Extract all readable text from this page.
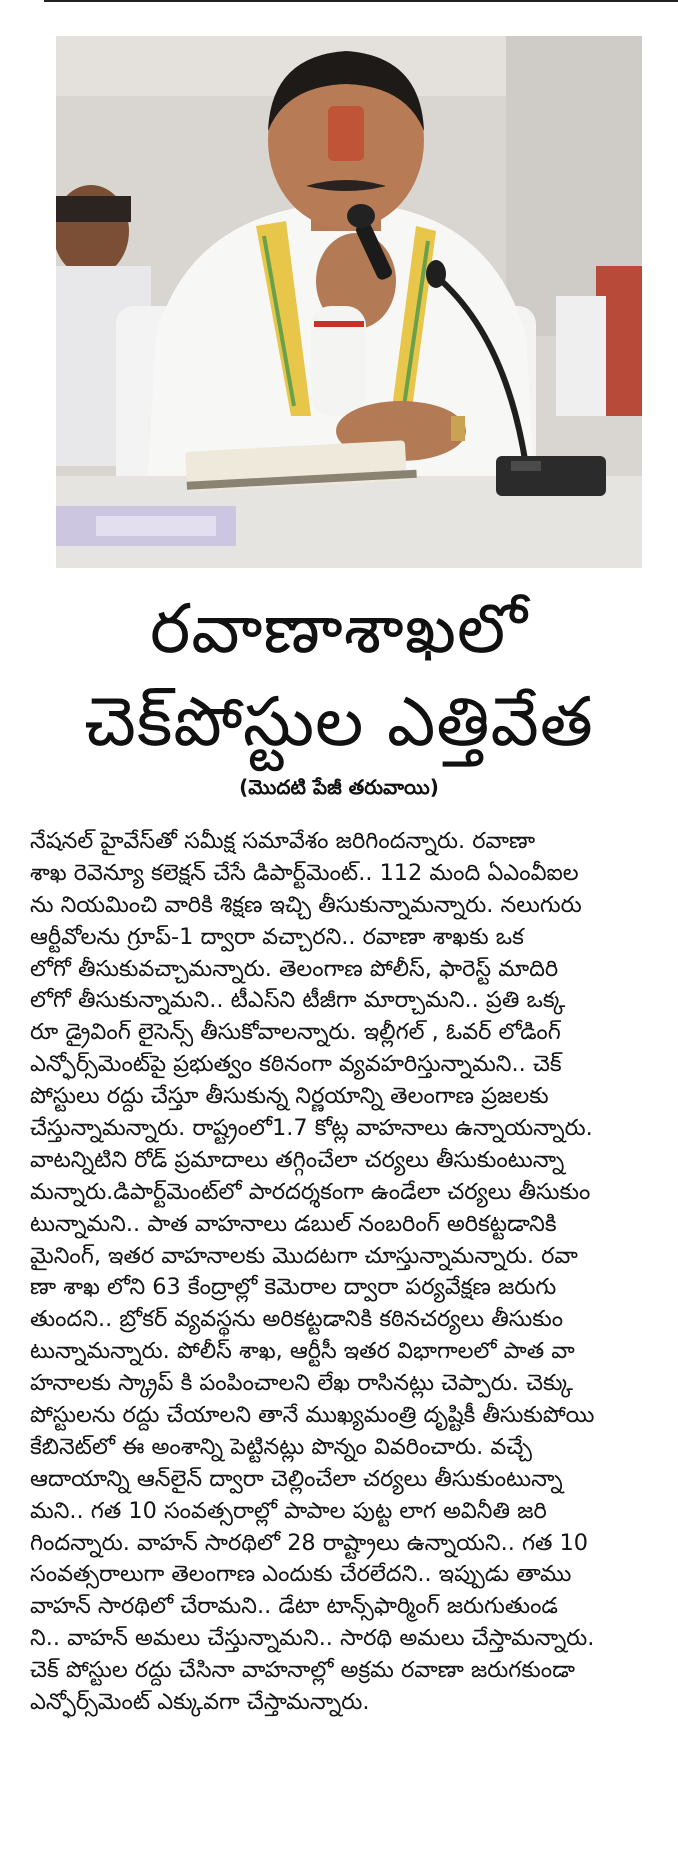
రవాణాశాఖలో
చెక్‌పోస్టుల ఎత్తివేత
(మొదటి పేజీ తరువాయి)
నేషనల్ హైవేస్‌తో సమీక్ష సమావేశం జరిగిందన్నారు. రవాణా
శాఖ రెవెన్యూ కలెక్షన్ చేసే డిపార్ట్‌మెంట్.. 112 మంది ఏఎంవీఐల
ను నియమించి వారికి శిక్షణ ఇచ్చి తీసుకున్నామన్నారు. నలుగురు
ఆర్టీవోలను గ్రూప్-1 ద్వారా వచ్చారని.. రవాణా శాఖకు ఒక
లోగో తీసుకువచ్చామన్నారు. తెలంగాణ పోలీస్, ఫారెస్ట్ మాదిరి
లోగో తీసుకున్నామని.. టీఎస్‌ని టీజీగా మార్చామని.. ప్రతి ఒక్క
రూ డ్రైవింగ్ లైసెన్స్ తీసుకోవాలన్నారు. ఇల్లీగల్ , ఓవర్ లోడింగ్
ఎన్ఫోర్స్‌మెంట్‌పై ప్రభుత్వం కఠినంగా వ్యవహరిస్తున్నామని.. చెక్
పోస్టులు రద్దు చేస్తూ తీసుకున్న నిర్ణయాన్ని తెలంగాణ ప్రజలకు
చేస్తున్నామన్నారు. రాష్ట్రంలో1.7 కోట్ల వాహనాలు ఉన్నాయన్నారు.
వాటన్నిటిని రోడ్ ప్రమాదాలు తగ్గించేలా చర్యలు తీసుకుంటున్నా
మన్నారు.డిపార్ట్‌మెంట్‌లో పారదర్శకంగా ఉండేలా చర్యలు తీసుకుం
టున్నామని.. పాత వాహనాలు డబుల్ నంబరింగ్ అరికట్టడానికి
మైనింగ్, ఇతర వాహనాలకు మొదటగా చూస్తున్నామన్నారు. రవా
ణా శాఖ లోని 63 కేంద్రాల్లో కెమెరాల ద్వారా పర్యవేక్షణ జరుగు
తుందని.. బ్రోకర్ వ్యవస్థను అరికట్టడానికి కఠినచర్యలు తీసుకుం
టున్నామన్నారు. పోలీస్ శాఖ, ఆర్టీసీ ఇతర విభాగాలలో పాత వా
హనాలకు స్క్రాప్ కి పంపించాలని లేఖ రాసినట్లు చెప్పారు. చెక్కు
పోస్టులను రద్దు చేయాలని తానే ముఖ్యమంత్రి దృష్టికీ తీసుకుపోయి
కేబినెట్‌లో ఈ అంశాన్ని పెట్టినట్లు పొన్నం వివరించారు. వచ్చే
ఆదాయాన్ని ఆన్‌లైన్ ద్వారా చెల్లించేలా చర్యలు తీసుకుంటున్నా
మని.. గత 10 సంవత్సరాల్లో పాపాల పుట్ట లాగ అవినీతి జరి
గిందన్నారు. వాహన్ సారథిలో 28 రాష్ట్రాలు ఉన్నాయని.. గత 10
సంవత్సరాలుగా తెలంగాణ ఎందుకు చేరలేదని.. ఇప్పుడు తాము
వాహన్ సారథిలో చేరామని.. డేటా టాన్స్‌ఫార్మింగ్ జరుగుతుండ
ని.. వాహన్ అమలు చేస్తున్నామని.. సారథి అమలు చేస్తామన్నారు.
చెక్ పోస్టుల రద్దు చేసినా వాహనాల్లో అక్రమ రవాణా జరుగకుండా
ఎన్ఫోర్స్‌మెంట్ ఎక్కువగా చేస్తామన్నారు.
